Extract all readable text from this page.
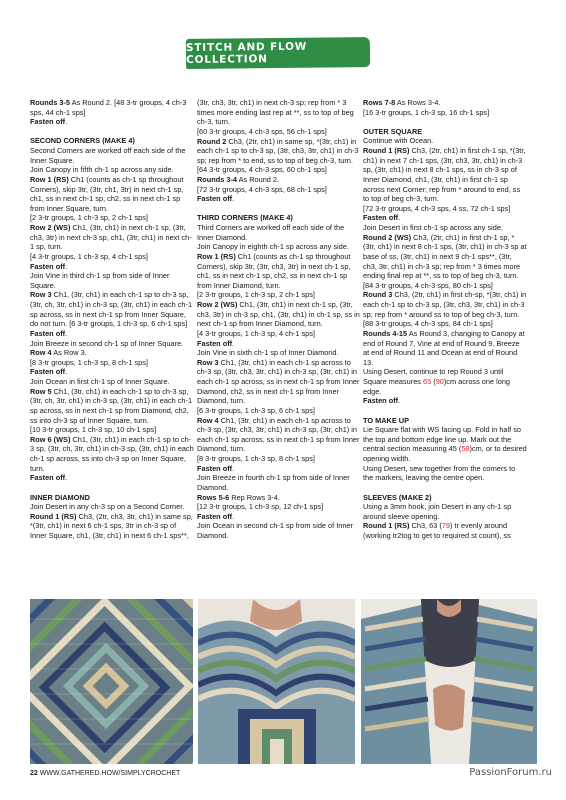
STITCH AND FLOW COLLECTION

Rounds 3-5 As Round 2. [48 3-tr groups, 4 ch-3 sps, 44 ch-1 sps]

Fasten off.

SECOND CORNERS (MAKE 4)

Second Corners are worked off each side of the Inner Square.

Join Canopy in fifth ch-1 sp across any side.

Row 1 (RS) Ch1 (counts as ch-1 sp throughout Corners), skip 3tr, (3tr, ch1, 3tr) in next ch-1 sp, ch1, ss in next ch-1 sp, ch2, ss in next ch-1 sp from Inner Square, turn.

[2 3-tr groups, 1 ch-3 sp, 2 ch-1 sps]

Row 2 (WS) Ch1, (3tr, ch1) in next ch-1 sp, (3tr, ch3, 3tr) in next ch-3 sp, ch1, (3tr, ch1) in next ch-1 sp, turn.

[4 3-tr groups, 1 ch-3 sp, 4 ch-1 sps]

Fasten off.

Join Vine in third ch-1 sp from side of Inner Square.

Row 3 Ch1, (3tr, ch1) in each ch-1 sp to ch-3 sp, (3tr, ch, 3tr, ch1) in ch-3 sp, (3tr, ch1) in each ch-1 sp across, ss in next ch-1 sp from Inner Square, do not turn. [6 3-tr groups, 1 ch-3 sp, 6 ch-1 sps]

Fasten off.

Join Breeze in second ch-1 sp of Inner Square.

Row 4 As Row 3.

[8 3-tr groups, 1 ch-3 sp, 8 ch-1 sps]

Fasten off.

Join Ocean in first ch-1 sp of Inner Square.

Row 5 Ch1, (3tr, ch1) in each ch-1 sp to ch-3 sp, (3tr, ch, 3tr, ch1) in ch-3 sp, (3tr, ch1) in each ch-1 sp across, ss in next ch-1 sp from Diamond, ch2, ss into ch-3 sp of Inner Square, turn.

[10 3-tr groups, 1 ch-3 sp, 10 ch-1 sps]

Row 6 (WS) Ch1, (3tr, ch1) in each ch-1 sp to ch-3 sp, (3tr, ch, 3tr, ch1) in ch-3 sp, (3tr, ch1) in each ch-1 sp across, ss into ch-3 sp on Inner Square, turn.

Fasten off.

INNER DIAMOND

Join Desert in any ch-3 sp on a Second Corner.

Round 1 (RS) Ch3, (2tr, ch3, 3tr, ch1) in same sp, *(3tr, ch1) in next 6 ch-1 sps, 3tr in ch-3 sp of Inner Square, ch1, (3tr, ch1) in next 6 ch-1 sps**,

(3tr, ch3, 3tr, ch1) in next ch-3 sp; rep from * 3 times more ending last rep at **, ss to top of beg ch-3, turn.

[60 3-tr groups, 4 ch-3 sps, 56 ch-1 sps]

Round 2 Ch3, (2tr, ch1) in same sp, *(3tr, ch1) in each ch-1 sp to ch-3 sp, (3tr, ch3, 3tr, ch1) in ch-3 sp; rep from * to end, ss to top of beg ch-3, turn.

[64 3-tr groups, 4 ch-3 sps, 60 ch-1 sps]

Rounds 3-4 As Round 2.

[72 3-tr groups, 4 ch-3 sps, 68 ch-1 sps]

Fasten off.

THIRD CORNERS (MAKE 4)

Third Corners are worked off each side of the Inner Diamond.

Join Canopy in eighth ch-1 sp across any side.

Row 1 (RS) Ch1 (counts as ch-1 sp throughout Corners), skip 3tr, (3tr, ch3, 3tr) in next ch-1 sp, ch1, ss in next ch-1 sp, ch2, ss in next ch-1 sp from Inner Diamond, turn.

[2 3-tr groups, 1 ch-3 sp, 2 ch-1 sps]

Row 2 (WS) Ch1, (3tr, ch1) in next ch-1 sp, (3tr, ch3, 3tr) in ch-3 sp, ch1, (3tr, ch1) in ch-1 sp, ss in next ch-1 sp from Inner Diamond, turn.

[4 3-tr groups, 1 ch-3 sp, 4 ch-1 sps]

Fasten off.

Join Vine in sixth ch-1 sp of Inner Diamond.

Row 3 Ch1, (3tr, ch1) in each ch-1 sp across to ch-3 sp, (3tr, ch3, 3tr, ch1) in ch-3 sp, (3tr, ch1) in each ch-1 sp across, ss in next ch-1 sp from Inner Diamond, ch2, ss in next ch-1 sp from Inner Diamond, turn.

[6 3-tr groups, 1 ch-3 sp, 6 ch-1 sps]

Row 4 Ch1, (3tr, ch1) in each ch-1 sp across to ch-3 sp, (3tr, ch3, 3tr, ch1) in ch-3 sp, (3tr, ch1) in each ch-1 sp across, ss in next ch-1 sp from Inner Diamond, turn.

[8 3-tr groups, 1 ch-3 sp, 8 ch-1 sps]

Fasten off.

Join Breeze in fourth ch-1 sp from side of Inner Diamond.

Rows 5-6 Rep Rows 3-4.

[12 3-tr groups, 1 ch-3 sp, 12 ch-1 sps]

Fasten off.

Join Ocean in second ch-1 sp from side of Inner Diamond.

Rows 7-8 As Rows 3-4.

[16 3-tr groups, 1 ch-3 sp, 16 ch-1 sps]

OUTER SQUARE

Continue with Ocean.

Round 1 (RS) Ch3, (2tr, ch1) in first ch-1 sp, *(3tr, ch1) in next 7 ch-1 sps, (3tr, ch3, 3tr, ch1) in ch-3 sp, (3tr, ch1) in next 8 ch-1 sps, ss in ch-3 sp of Inner Diamond, ch1, (3tr, ch1) in first ch-1 sp across next Corner; rep from * around to end, ss to top of beg ch-3, turn.

[72 3-tr groups, 4 ch-3 sps, 4 ss, 72 ch-1 sps]

Fasten off.

Join Desert in first ch-1 sp across any side.

Round 2 (WS) Ch3, (2tr, ch1) in first ch-1 sp, *(3tr, ch1) in next 8 ch-1 sps, (3tr, ch1) in ch-3 sp at base of ss, (3tr, ch1) in next 9 ch-1 sps**, (3tr, ch3, 3tr, ch1) in ch-3 sp; rep from * 3 times more ending final rep at **, ss to top of beg ch-3, turn.

[84 3-tr groups, 4 ch-3 sps, 80 ch-1 sps]

Round 3 Ch3, (2tr, ch1) in first ch-sp, *(3tr, ch1) in each ch-1 sp to ch-3 sp, (3tr, ch3, 3tr, ch1) in ch-3 sp; rep from * around ss to top of beg ch-3, turn. [88 3-tr groups, 4 ch-3 sps, 84 ch-1 sps]

Rounds 4-15 As Round 3, changing to Canopy at end of Round 7, Vine at end of Round 9, Breeze at end of Round 11 and Ocean at end of Round 13.

Using Desert, continue to rep Round 3 until Square measures 65 (90)cm across one long edge.

Fasten off.

TO MAKE UP

Lie Square flat with WS facing up. Fold in half so the top and bottom edge line up. Mark out the central section measuring 45 (58)cm, or to desired opening width.

Using Desert, sew together from the corners to the markers, leaving the centre open.

SLEEVES (MAKE 2)

Using a 3mm hook, join Desert in any ch-1 sp around sleeve opening.

Round 1 (RS) Ch3, 63 (79) tr evenly around (working tr2tog to get to required st count), ss

22 WWW.GATHERED.HOW/SIMPLYCROCHET	PassionForum.ru
